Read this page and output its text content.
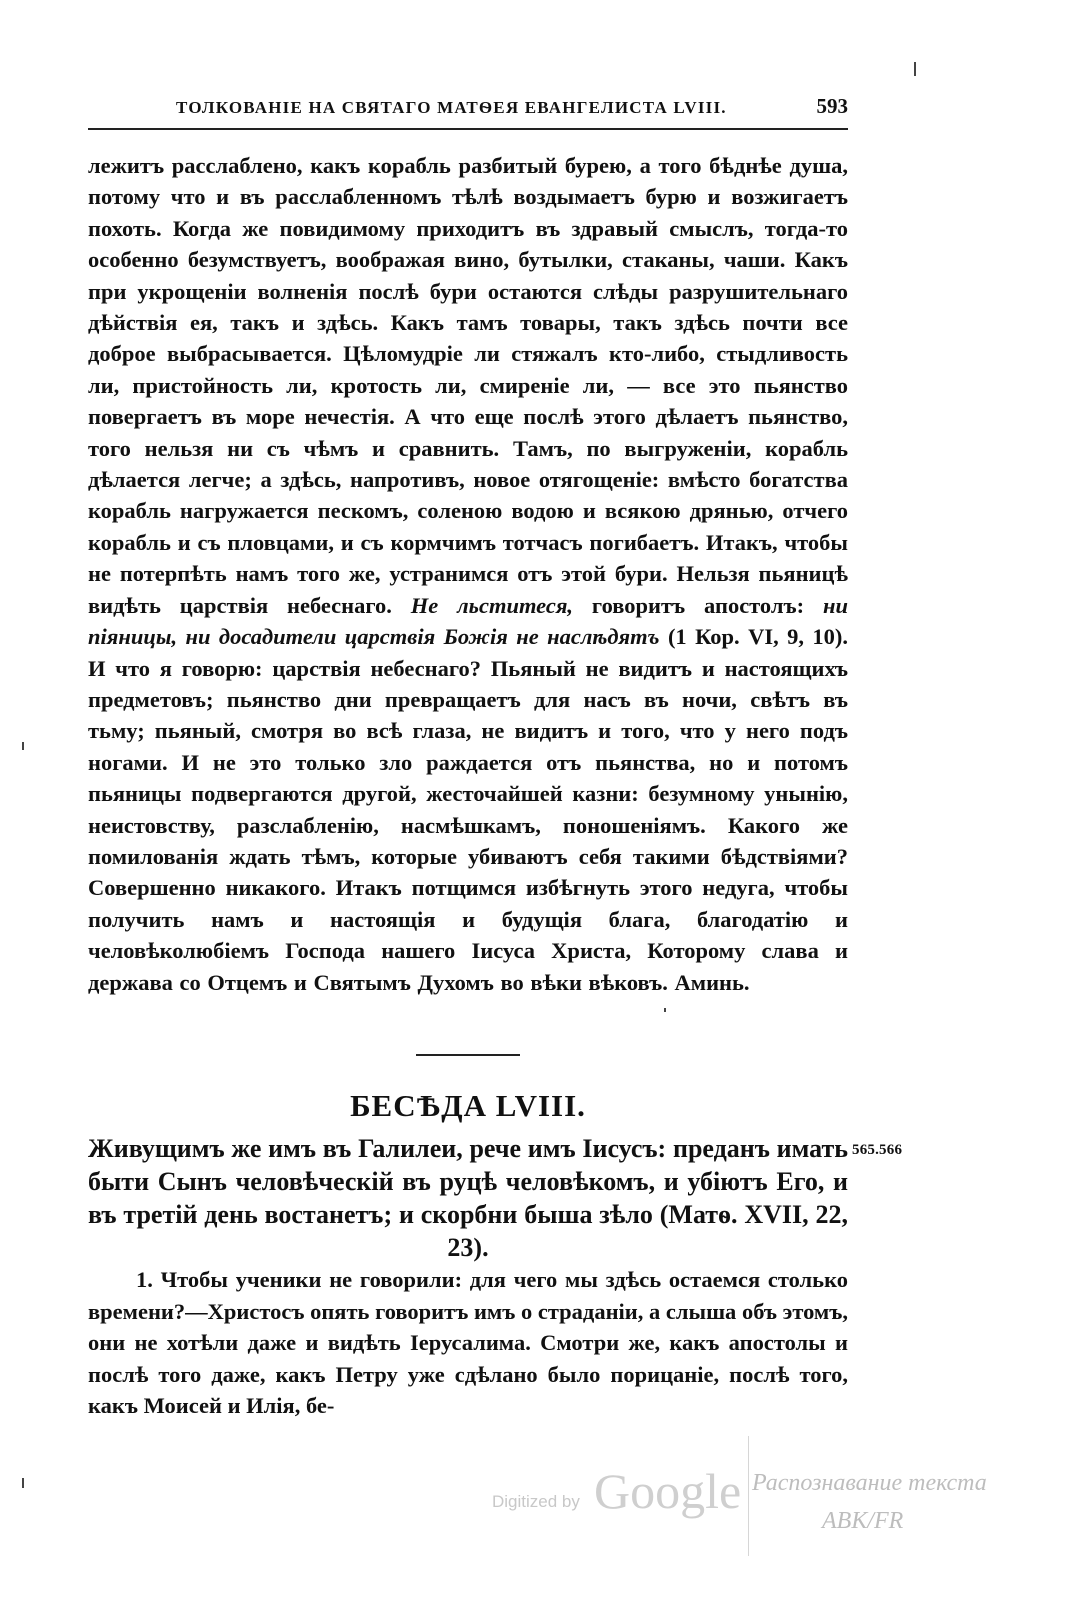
ТОЛКОВАНІЕ НА СВЯТАГО МАТѲЕЯ ЕВАНГЕЛИСТА LVIII.	593
лежитъ расслаблено, какъ корабль разбитый бурею, а того бѣднѣе душа, потому что и въ расслабленномъ тѣлѣ воздымаетъ бурю и возжигаетъ похоть. Когда же повидимому приходитъ въ здравый смыслъ, тогда-то особенно безумствуетъ, воображая вино, бутылки, стаканы, чаши. Какъ при укрощеніи волненія послѣ бури остаются слѣды разрушительнаго дѣйствія ея, такъ и здѣсь. Какъ тамъ товары, такъ здѣсь почти все доброе выбрасывается. Цѣломудріе ли стяжалъ кто-либо, стыдливость ли, пристойность ли, кротость ли, смиреніе ли, — все это пьянство повергаетъ въ море нечестія. А что еще послѣ этого дѣлаетъ пьянство, того нельзя ни съ чѣмъ и сравнить. Тамъ, по выгруженіи, корабль дѣлается легче; а здѣсь, напротивъ, новое отягощеніе: вмѣсто богатства корабль нагружается пескомъ, соленою водою и всякою дрянью, отчего корабль и съ пловцами, и съ кормчимъ тотчасъ погибаетъ. Итакъ, чтобы не потерпѣть намъ того же, устранимся отъ этой бури. Нельзя пьяницѣ видѣть царствія небеснаго. Не льститеся, говоритъ апостолъ: ни піяницы, ни досадители царствія Божія не наслѣдятъ (1 Кор. VI, 9, 10). И что я говорю: царствія небеснаго? Пьяный не видитъ и настоящихъ предметовъ; пьянство дни превращаетъ для насъ въ ночи, свѣтъ въ тьму; пьяный, смотря во всѣ глаза, не видитъ и того, что у него подъ ногами. И не это только зло раждается отъ пьянства, но и потомъ пьяницы подвергаются другой, жесточайшей казни: безумному унынію, неистовству, разслабленію, насмѣшкамъ, поношеніямъ. Какого же помилованія ждать тѣмъ, которые убиваютъ себя такими бѣдствіями? Совершенно никакого. Итакъ потщимся избѣгнуть этого недуга, чтобы получить намъ и настоящія и будущія блага, благодатію и человѣколюбіемъ Господа нашего Іисуса Христа, Которому слава и держава со Отцемъ и Святымъ Духомъ во вѣки вѣковъ. Аминь.
БЕСѢДА LVIII.
Живущимъ же имъ въ Галилеи, рече имъ Іисусъ: преданъ имать быти Сынъ человѣческій въ руцѣ человѣкомъ, и убіютъ Его, и въ третій день востанетъ; и скорбни быша зѣло (Матѳ. XVII, 22, 23).
565.566
1. Чтобы ученики не говорили: для чего мы здѣсь остаемся столько времени?—Христосъ опять говоритъ имъ о страданіи, а слыша объ этомъ, они не хотѣли даже и видѣть Іерусалима. Смотри же, какъ апостолы и послѣ того даже, какъ Петру уже сдѣлано было порицаніе, послѣ того, какъ Моисей и Илія, бе-
Digitized by Google Распознавание текста
ABK/FR
